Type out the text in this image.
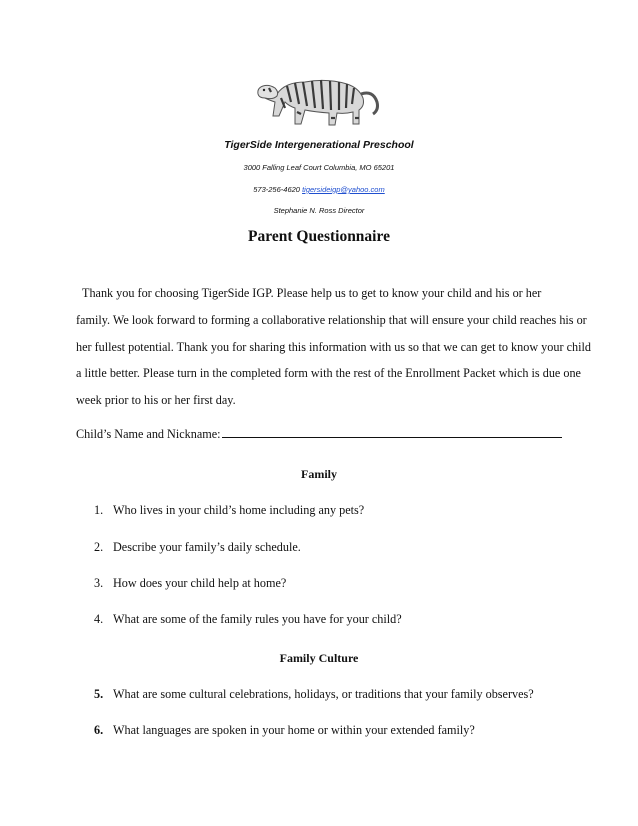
TigerSide Intergenerational Preschool
3000 Falling Leaf Court Columbia, MO 65201
573-256-4620 tigersideigp@yahoo.com
Stephanie N. Ross Director
Parent Questionnaire
Thank you for choosing TigerSide IGP. Please help us to get to know your child and his or her
family. We look forward to forming a collaborative relationship that will ensure your child reaches his or
her fullest potential. Thank you for sharing this information with us so that we can get to know your child
a little better. Please turn in the completed form with the rest of the Enrollment Packet which is due one
week prior to his or her first day.
Child’s Name and Nickname:
Family
1. Who lives in your child’s home including any pets?
2. Describe your family’s daily schedule.
3. How does your child help at home?
4. What are some of the family rules you have for your child?
Family Culture
5. What are some cultural celebrations, holidays, or traditions that your family observes?
6. What languages are spoken in your home or within your extended family?
